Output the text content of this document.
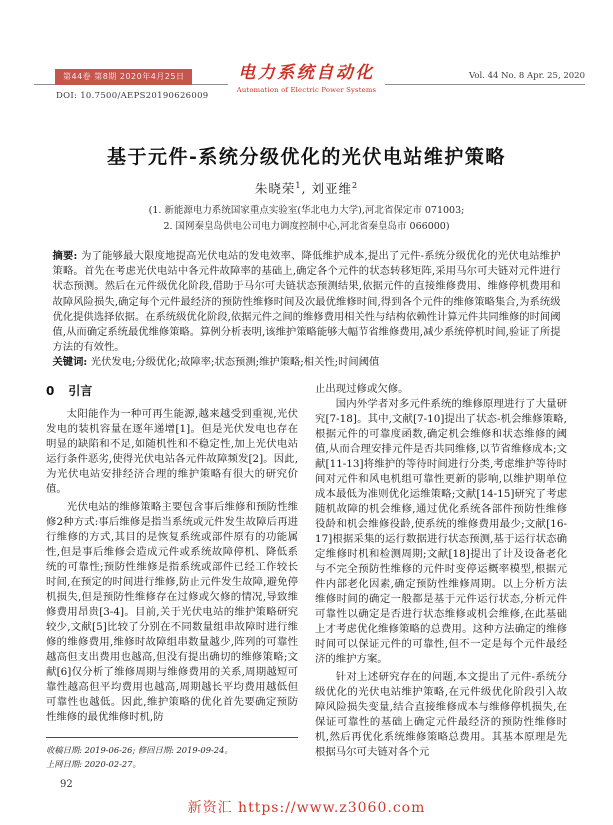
第44卷 第8期 2020年4月25日
DOI: 10.7500/AEPS20190626009
电力系统自动化
Automation of Electric Power Systems
Vol. 44 No. 8 Apr. 25, 2020
基于元件-系统分级优化的光伏电站维护策略
朱晓荣$^1$, 刘亚维$^2$
(1. 新能源电力系统国家重点实验室(华北电力大学),河北省保定市 071003;
2. 国网秦皇岛供电公司电力调度控制中心,河北省秦皇岛市 066000)

摘要: 为了能够最大限度地提高光伏电站的发电效率、降低维护成本,提出了元件-系统分级优化的光伏电站维护策略。首先在考虑光伏电站中各元件故障率的基础上,确定各个元件的状态转移矩阵,采用马尔可夫链对元件进行状态预测。然后在元件级优化阶段,借助于马尔可夫链状态预测结果,依据元件的直接维修费用、维修停机费用和故障风险损失,确定每个元件最经济的预防性维修时间及次最优维修时间,得到各个元件的维修策略集合,为系统级优化提供选择依据。在系统级优化阶段,依据元件之间的维修费用相关性与结构依赖性计算元件共同维修的时间阈值,从而确定系统最优维修策略。算例分析表明,该维护策略能够大幅节省维修费用,减少系统停机时间,验证了所提方法的有效性。

关键词: 光伏发电;分级优化;故障率;状态预测;维护策略;相关性;时间阈值

0 引言

太阳能作为一种可再生能源,越来越受到重视,光伏发电的装机容量在逐年递增[1]。但是光伏发电也存在明显的缺陷和不足,如随机性和不稳定性,加上光伏电站运行条件恶劣,使得光伏电站各元件故障频发[2]。因此,为光伏电站安排经济合理的维护策略有很大的研究价值。

光伏电站的维修策略主要包含事后维修和预防性维修2种方式:事后维修是指当系统或元件发生故障后再进行维修的方式,其目的是恢复系统或部件原有的功能属性,但是事后维修会造成元件或系统故障停机、降低系统的可靠性;预防性维修是指系统或部件已经工作较长时间,在预定的时间进行维修,防止元件发生故障,避免停机损失,但是预防性维修存在过修或欠修的情况,导致维修费用昂贵[3-4]。目前,关于光伏电站的维护策略研究较少,文献[5]比较了分别在不同数量组串故障时进行维修的维修费用,维修时故障组串数量越少,阵列的可靠性越高但支出费用也越高,但没有提出确切的维修策略;文献[6]仅分析了维修周期与维修费用的关系,周期越短可靠性越高但平均费用也越高,周期越长平均费用越低但可靠性也越低。因此,维护策略的优化首先要确定预防性维修的最优维修时机,防

收稿日期: 2019-06-26; 修回日期: 2019-09-24。

上网日期: 2020-02-27。

止出现过修或欠修。

国内外学者对多元件系统的维修原理进行了大量研究[7-18]。其中,文献[7-10]提出了状态-机会维修策略,根据元件的可靠度函数,确定机会维修和状态维修的阈值,从而合理安排元件是否共同维修,以节省维修成本;文献[11-13]将维护的等待时间进行分类,考虑维护等待时间对元件和风电机组可靠性更新的影响,以维护期单位成本最低为准则优化运维策略;文献[14-15]研究了考虑随机故障的机会维修,通过优化系统各部件预防性维修役龄和机会维修役龄,使系统的维修费用最少;文献[16-17]根据采集的运行数据进行状态预测,基于运行状态确定维修时机和检测周期;文献[18]提出了计及设备老化与不完全预防性维修的元件时变停运概率模型,根据元件内部老化因素,确定预防性维修周期。以上分析方法维修时间的确定一般都是基于元件运行状态,分析元件可靠性以确定是否进行状态维修或机会维修,在此基础上才考虑优化维修策略的总费用。这种方法确定的维修时间可以保证元件的可靠性,但不一定是每个元件最经济的维护方案。

针对上述研究存在的问题,本文提出了元件-系统分级优化的光伏电站维护策略,在元件级优化阶段引入故障风险损失变量,结合直接维修成本与维修停机损失,在保证可靠性的基础上确定元件最经济的预防性维修时机,然后再优化系统维修策略总费用。其基本原理是先根据马尔可夫链对各个元

92
新资汇 https://www.z3060.com
